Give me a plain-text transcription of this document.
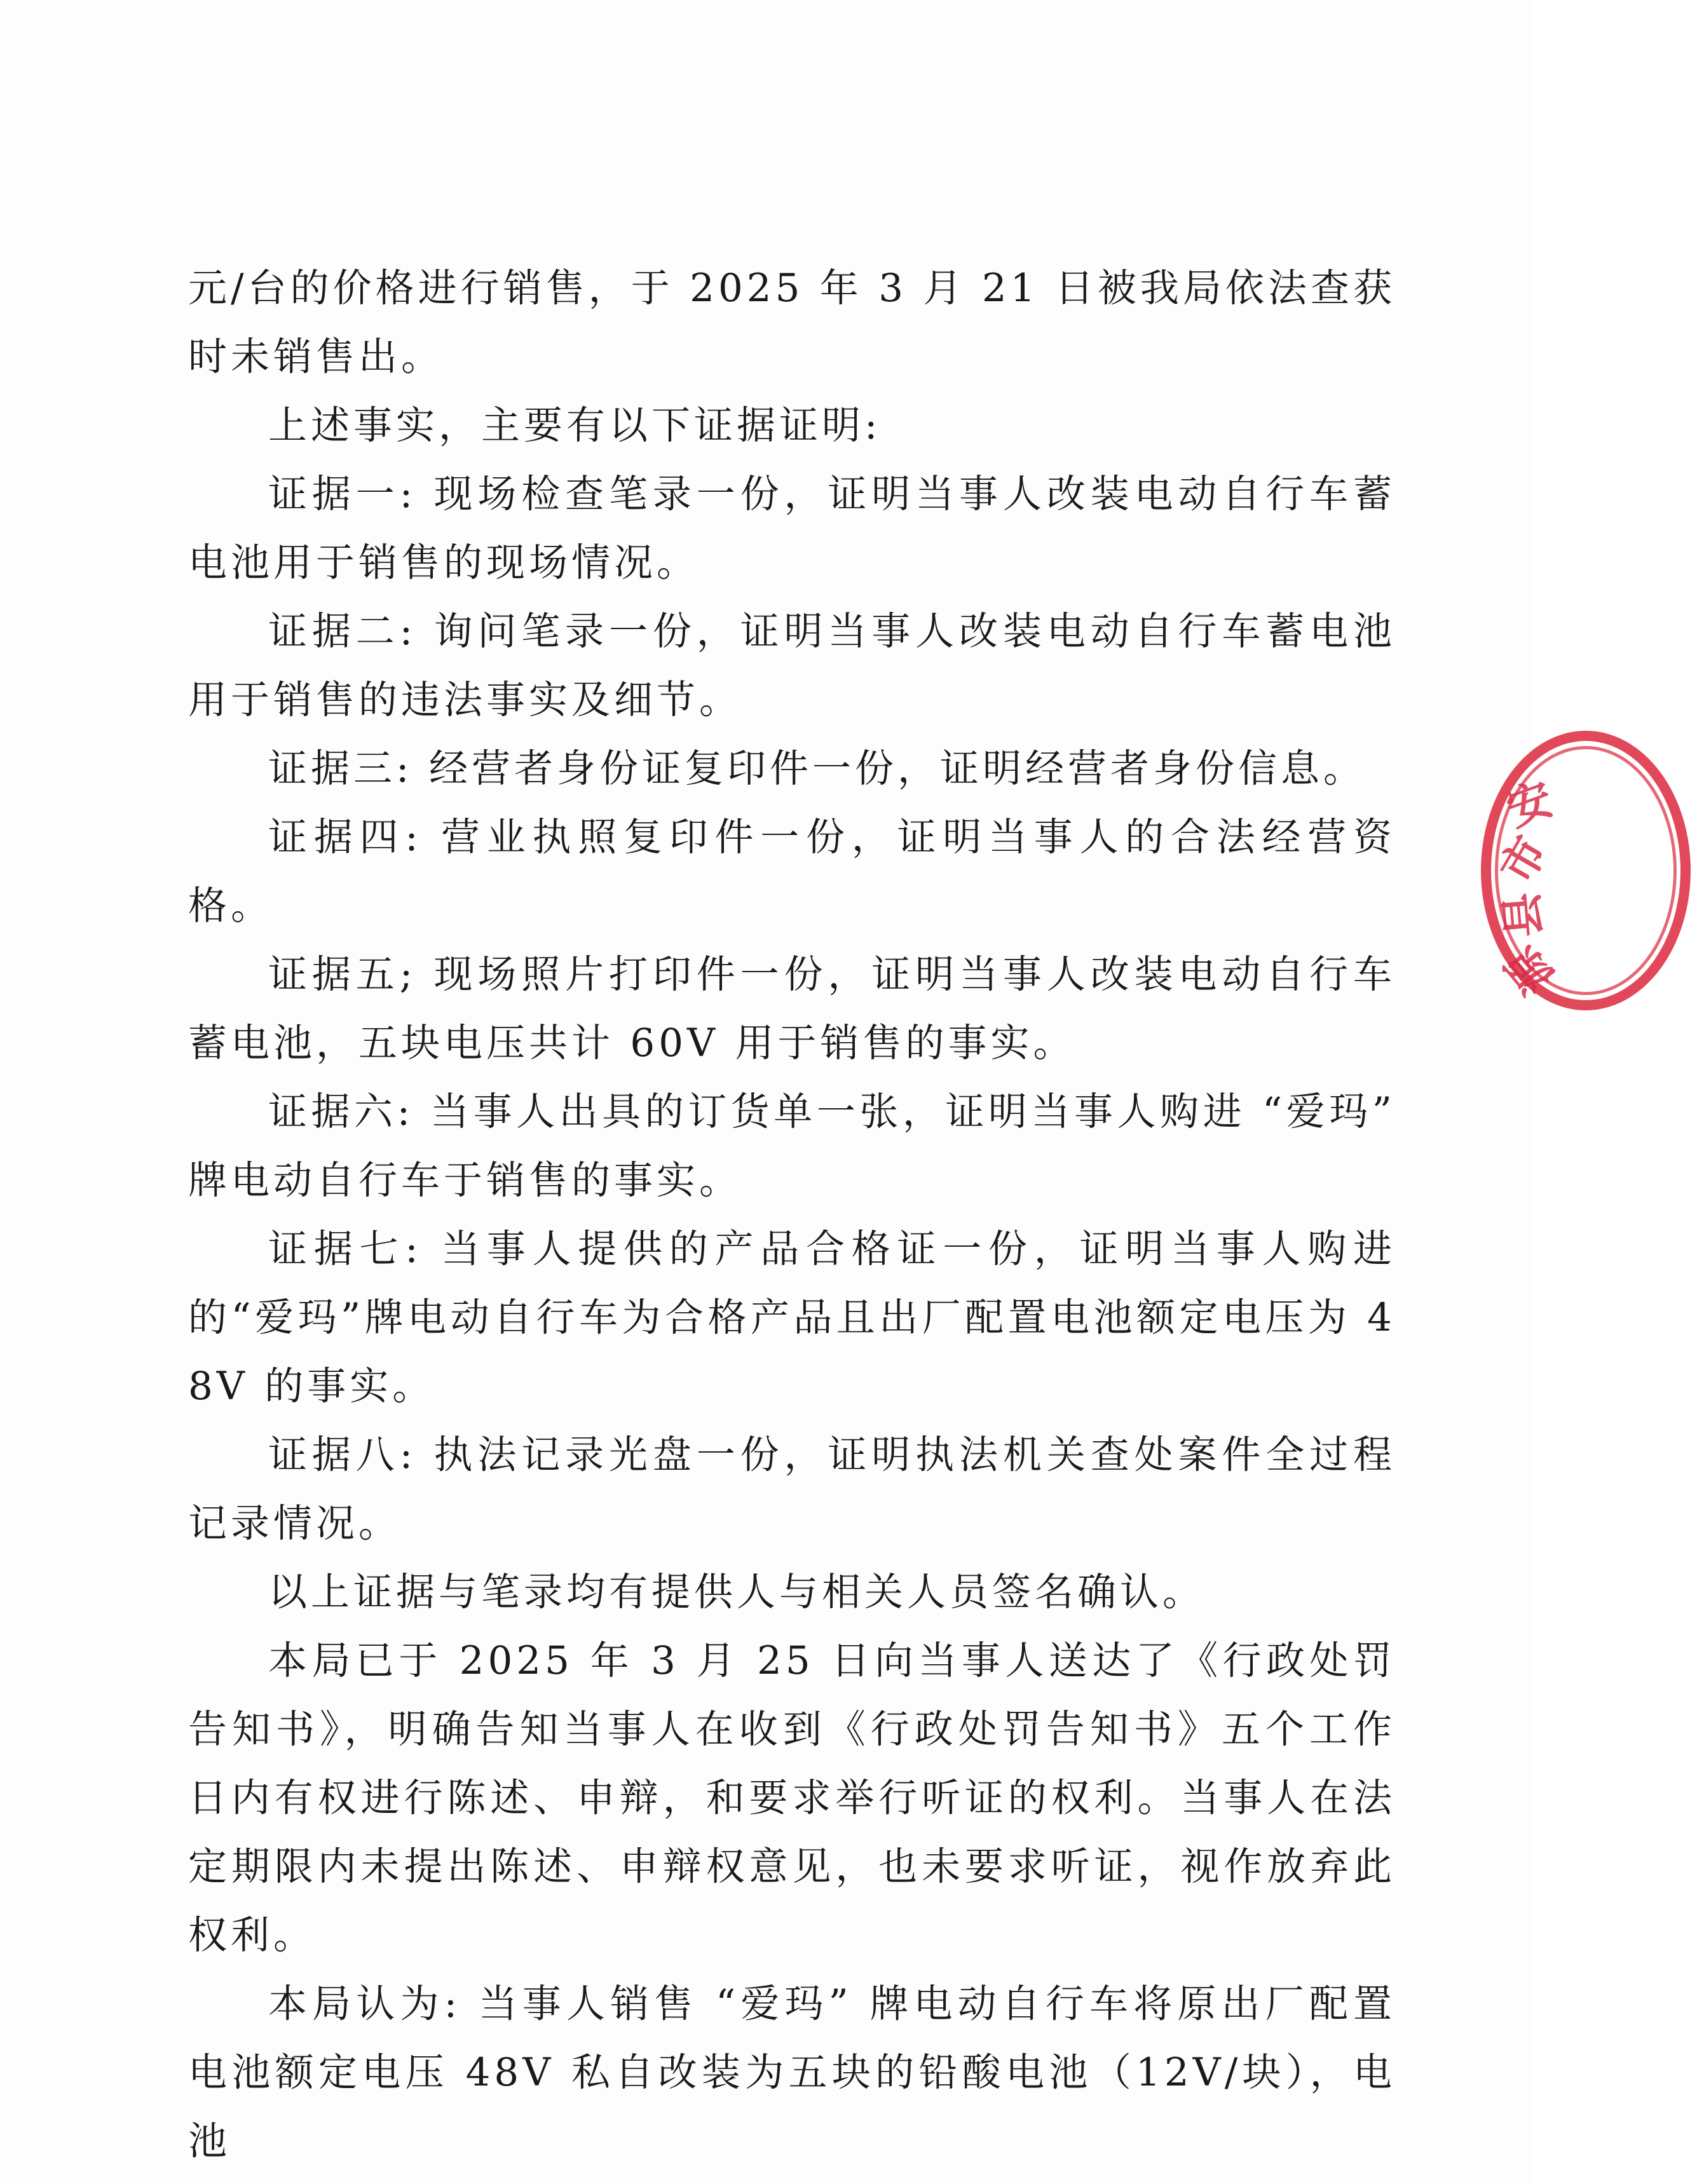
元/台的价格进行销售，于 2025 年 3 月 21 日被我局依法查获时未销售出。

上述事实，主要有以下证据证明:

证据一: 现场检查笔录一份，证明当事人改装电动自行车蓄电池用于销售的现场情况。

证据二: 询问笔录一份，证明当事人改装电动自行车蓄电池用于销售的违法事实及细节。

证据三: 经营者身份证复印件一份，证明经营者身份信息。

证据四: 营业执照复印件一份，证明当事人的合法经营资格。

证据五; 现场照片打印件一份，证明当事人改装电动自行车蓄电池，五块电压共计 60V 用于销售的事实。

证据六: 当事人出具的订货单一张，证明当事人购进 “爱玛” 牌电动自行车于销售的事实。

证据七: 当事人提供的产品合格证一份，证明当事人购进的“爱玛”牌电动自行车为合格产品且出厂配置电池额定电压为 48V 的事实。

证据八: 执法记录光盘一份，证明执法机关查处案件全过程记录情况。

以上证据与笔录均有提供人与相关人员签名确认。

本局已于 2025 年 3 月 25 日向当事人送达了《行政处罚告知书》，明确告知当事人在收到《行政处罚告知书》五个工作日内有权进行陈述、申辩，和要求举行听证的权利。当事人在法定期限内未提出陈述、申辩权意见，也未要求听证，视作放弃此权利。

本局认为: 当事人销售 “爱玛” 牌电动自行车将原出厂配置电池额定电压 48V 私自改装为五块的铅酸电池（12V/块），电池

安
市
县
源
